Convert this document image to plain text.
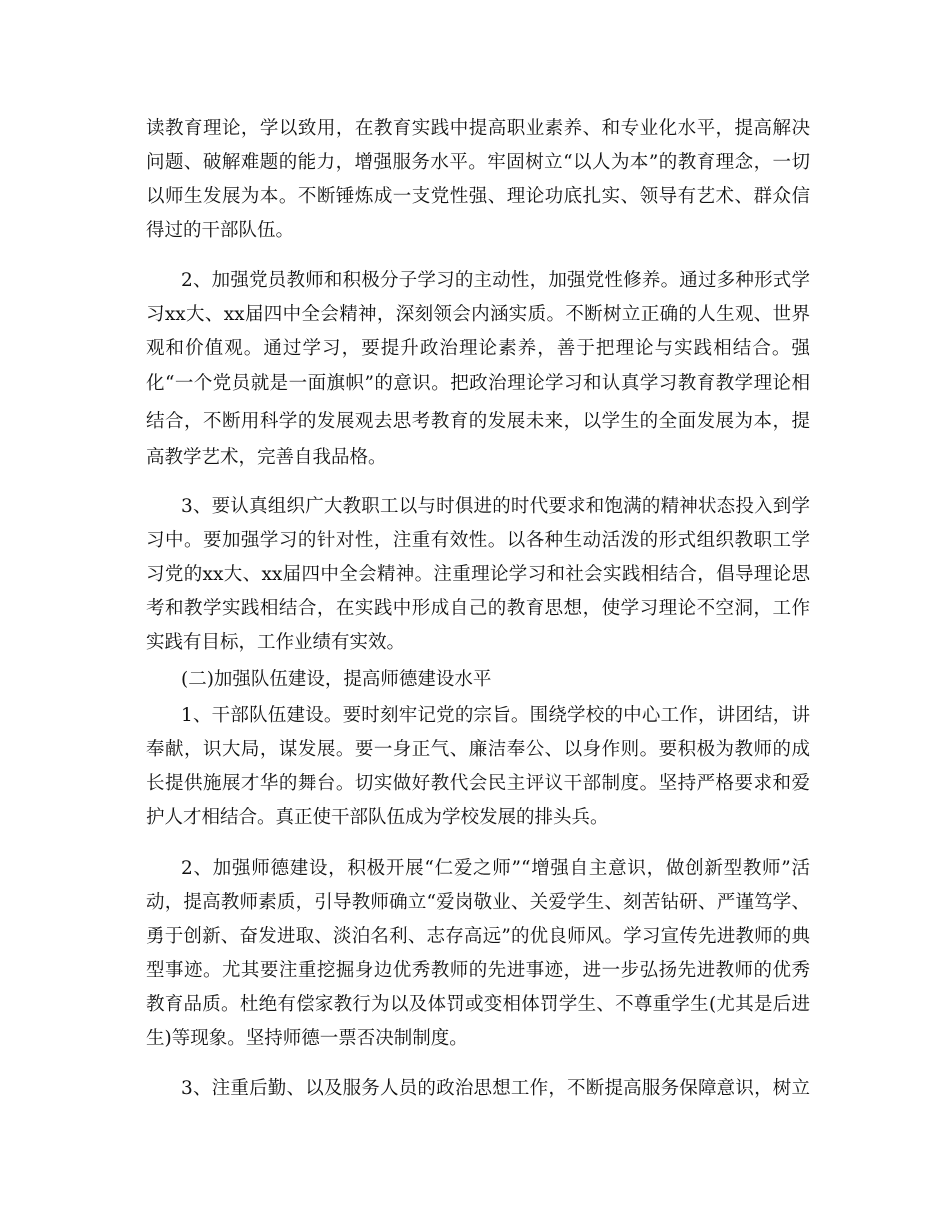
读教育理论，学以致用，在教育实践中提高职业素养、和专业化水平，提高解决
问题、破解难题的能力，增强服务水平。牢固树立“以人为本”的教育理念，一切
以师生发展为本。不断锤炼成一支党性强、理论功底扎实、领导有艺术、群众信
得过的干部队伍。
2、加强党员教师和积极分子学习的主动性，加强党性修养。通过多种形式学
习xx大、xx届四中全会精神，深刻领会内涵实质。不断树立正确的人生观、世界
观和价值观。通过学习，要提升政治理论素养，善于把理论与实践相结合。强
化“一个党员就是一面旗帜”的意识。把政治理论学习和认真学习教育教学理论相
结合，不断用科学的发展观去思考教育的发展未来，以学生的全面发展为本，提
高教学艺术，完善自我品格。
3、要认真组织广大教职工以与时俱进的时代要求和饱满的精神状态投入到学
习中。要加强学习的针对性，注重有效性。以各种生动活泼的形式组织教职工学
习党的xx大、xx届四中全会精神。注重理论学习和社会实践相结合，倡导理论思
考和教学实践相结合，在实践中形成自己的教育思想，使学习理论不空洞，工作
实践有目标，工作业绩有实效。
(二)加强队伍建设，提高师德建设水平
1、干部队伍建设。要时刻牢记党的宗旨。围绕学校的中心工作，讲团结，讲
奉献，识大局，谋发展。要一身正气、廉洁奉公、以身作则。要积极为教师的成
长提供施展才华的舞台。切实做好教代会民主评议干部制度。坚持严格要求和爱
护人才相结合。真正使干部队伍成为学校发展的排头兵。
2、加强师德建设，积极开展“仁爱之师”“增强自主意识，做创新型教师”活
动，提高教师素质，引导教师确立“爱岗敬业、关爱学生、刻苦钻研、严谨笃学、
勇于创新、奋发进取、淡泊名利、志存高远”的优良师风。学习宣传先进教师的典
型事迹。尤其要注重挖掘身边优秀教师的先进事迹，进一步弘扬先进教师的优秀
教育品质。杜绝有偿家教行为以及体罚或变相体罚学生、不尊重学生(尤其是后进
生)等现象。坚持师德一票否决制制度。
3、注重后勤、以及服务人员的政治思想工作，不断提高服务保障意识，树立
